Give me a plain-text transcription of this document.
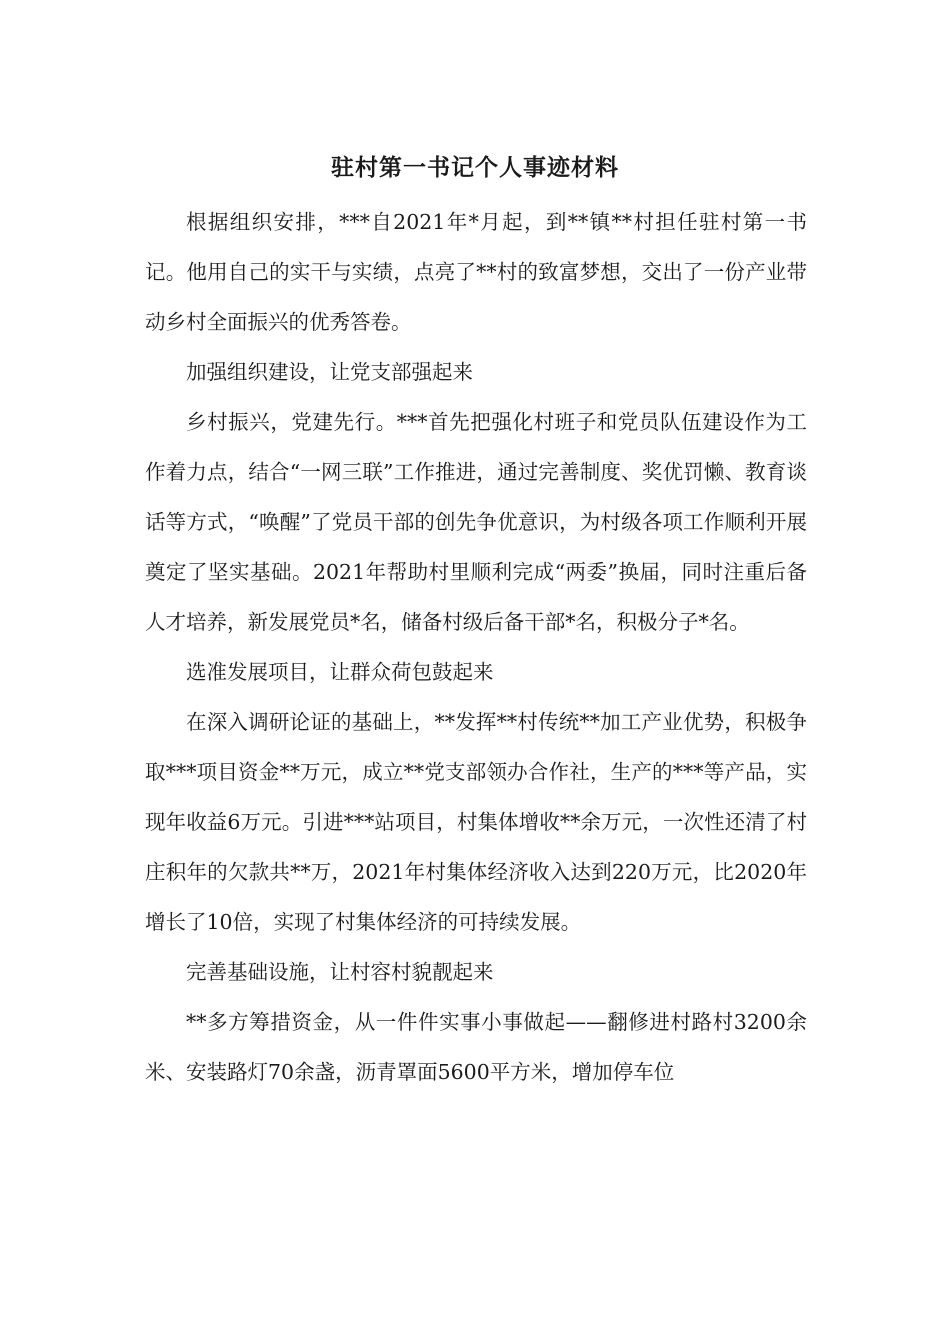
驻村第一书记个人事迹材料

根据组织安排，***自2021年*月起，到**镇**村担任驻村第一书记。他用自己的实干与实绩，点亮了**村的致富梦想，交出了一份产业带动乡村全面振兴的优秀答卷。

加强组织建设，让党支部强起来

乡村振兴，党建先行。***首先把强化村班子和党员队伍建设作为工作着力点，结合“一网三联”工作推进，通过完善制度、奖优罚懒、教育谈话等方式，“唤醒”了党员干部的创先争优意识，为村级各项工作顺利开展奠定了坚实基础。2021年帮助村里顺利完成“两委”换届，同时注重后备人才培养，新发展党员*名，储备村级后备干部*名，积极分子*名。

选准发展项目，让群众荷包鼓起来

在深入调研论证的基础上，**发挥**村传统**加工产业优势，积极争取***项目资金**万元，成立**党支部领办合作社，生产的***等产品，实现年收益6万元。引进***站项目，村集体增收**余万元，一次性还清了村庄积年的欠款共**万，2021年村集体经济收入达到220万元，比2020年增长了10倍，实现了村集体经济的可持续发展。

完善基础设施，让村容村貌靓起来

**多方筹措资金，从一件件实事小事做起——翻修进村路村3200余米、安装路灯70余盏，沥青罩面5600平方米，增加停车位
